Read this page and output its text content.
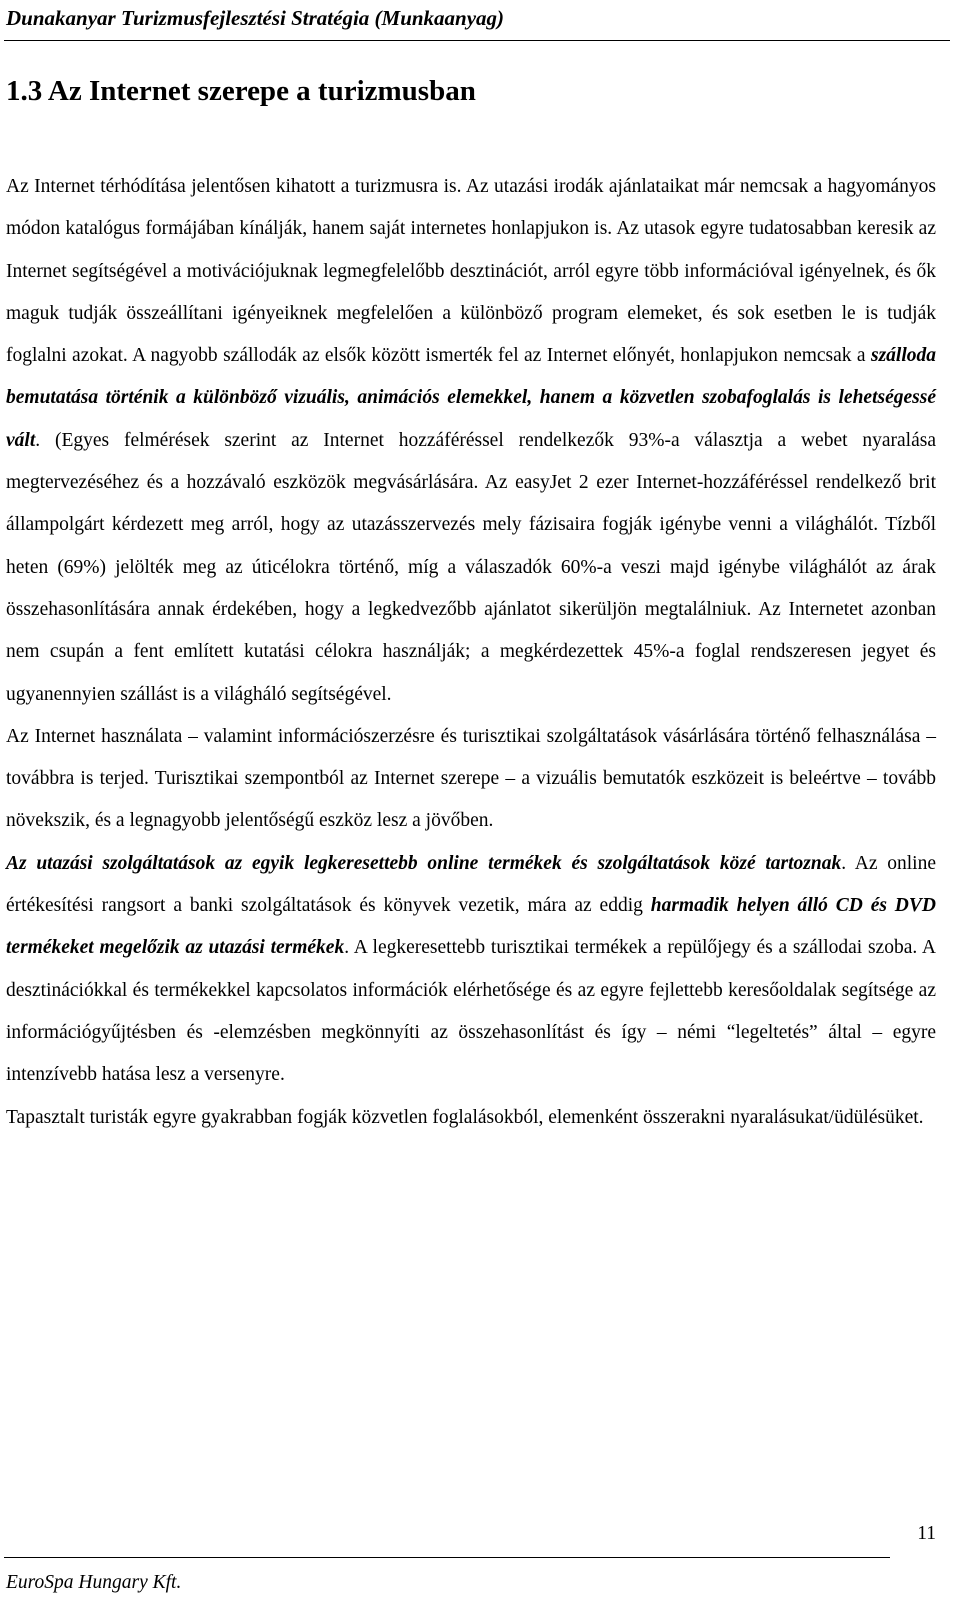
Dunakanyar Turizmusfejlesztési Stratégia (Munkaanyag)
1.3 Az Internet szerepe a turizmusban

Az Internet térhódítása jelentősen kihatott a turizmusra is. Az utazási irodák ajánlataikat már nemcsak a hagyományos módon katalógus formájában kínálják, hanem saját internetes honlapjukon is. Az utasok egyre tudatosabban keresik az Internet segítségével a motivációjuknak legmegfelelőbb desztinációt, arról egyre több információval igényelnek, és ők maguk tudják összeállítani igényeiknek megfelelően a különböző program elemeket, és sok esetben le is tudják foglalni azokat. A nagyobb szállodák az elsők között ismerték fel az Internet előnyét, honlapjukon nemcsak a szálloda bemutatása történik a különböző vizuális, animációs elemekkel, hanem a közvetlen szobafoglalás is lehetségessé vált. (Egyes felmérések szerint az Internet hozzáféréssel rendelkezők 93%-a választja a webet nyaralása megtervezéséhez és a hozzávaló eszközök megvásárlására. Az easyJet 2 ezer Internet-hozzáféréssel rendelkező brit állampolgárt kérdezett meg arról, hogy az utazásszervezés mely fázisaira fogják igénybe venni a világhálót. Tízből heten (69%) jelölték meg az úticélokra történő, míg a válaszadók 60%-a veszi majd igénybe világhálót az árak összehasonlítására annak érdekében, hogy a legkedvezőbb ajánlatot sikerüljön megtalálniuk. Az Internetet azonban nem csupán a fent említett kutatási célokra használják; a megkérdezettek 45%-a foglal rendszeresen jegyet és ugyanennyien szállást is a világháló segítségével.

Az Internet használata – valamint információszerzésre és turisztikai szolgáltatások vásárlására történő felhasználása – továbbra is terjed. Turisztikai szempontból az Internet szerepe – a vizuális bemutatók eszközeit is beleértve – tovább növekszik, és a legnagyobb jelentőségű eszköz lesz a jövőben.

Az utazási szolgáltatások az egyik legkeresettebb online termékek és szolgáltatások közé tartoznak. Az online értékesítési rangsort a banki szolgáltatások és könyvek vezetik, mára az eddig harmadik helyen álló CD és DVD termékeket megelőzik az utazási termékek. A legkeresettebb turisztikai termékek a repülőjegy és a szállodai szoba. A desztinációkkal és termékekkel kapcsolatos információk elérhetősége és az egyre fejlettebb keresőoldalak segítsége az információgyűjtésben és -elemzésben megkönnyíti az összehasonlítást és így – némi “legeltetés” által – egyre intenzívebb hatása lesz a versenyre.

Tapasztalt turisták egyre gyakrabban fogják közvetlen foglalásokból, elemenként összerakni nyaralásukat/üdülésüket.

11
EuroSpa Hungary Kft.
